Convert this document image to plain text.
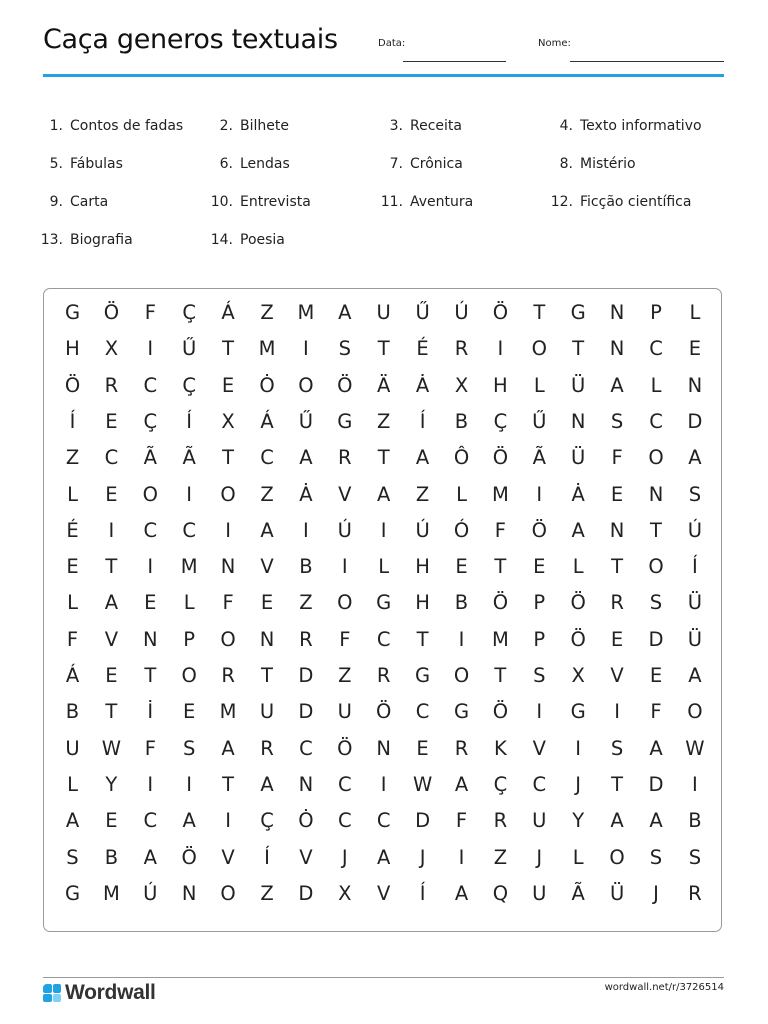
Caça generos textuais	Data:	Nome:
1. Contos de fadas	2. Bilhete	3. Receita	4. Texto informativo
5. Fábulas	6. Lendas	7. Crônica	8. Mistério
9. Carta	10. Entrevista	11. Aventura	12. Ficção científica
13. Biografia	14. Poesia
G	Ö	F	Ç	Á	Z	M	A	U	Ű	Ú	Ö	T	G	N	P	L
H	X	I	Ű	T	M	I	S	T	É	R	I	O	T	N	C	E
Ö	R	C	Ç	E	Ȯ	O	Ö	Ä	Ȧ	X	H	L	Ü	A	L	N
Í	E	Ç	Í	X	Á	Ű	G	Z	Í	B	Ç	Ű	N	S	C	D
Z	C	Ã	Ã	T	C	A	R	T	A	Ô	Ö	Ã	Ü	F	O	A
L	E	O	I	O	Z	Ȧ	V	A	Z	L	M	I	Ȧ	E	N	S
É	I	C	C	I	A	I	Ú	I	Ú	Ó	F	Ö	A	N	T	Ú
E	T	I	M	N	V	B	I	L	H	E	T	E	L	T	O	Í
L	A	E	L	F	E	Z	O	G	H	B	Ö	P	Ö	R	S	Ü
F	V	N	P	O	N	R	F	C	T	I	M	P	Ö	E	D	Ü
Á	E	T	O	R	T	D	Z	R	G	O	T	S	X	V	E	A
B	T	İ	E	M	U	D	U	Ö	C	G	Ö	I	G	I	F	O
U	W	F	S	A	R	C	Ö	N	E	R	K	V	I	S	A	W
L	Y	I	I	T	A	N	C	I	W	A	Ç	C	J	T	D	I
A	E	C	A	I	Ç	Ȯ	C	C	D	F	R	U	Y	A	A	B
S	B	A	Ö	V	Í	V	J	A	J	I	Z	J	L	O	S	S
G	M	Ú	N	O	Z	D	X	V	Í	A	Q	U	Ã	Ü	J	R
Wordwall	wordwall.net/r/3726514
